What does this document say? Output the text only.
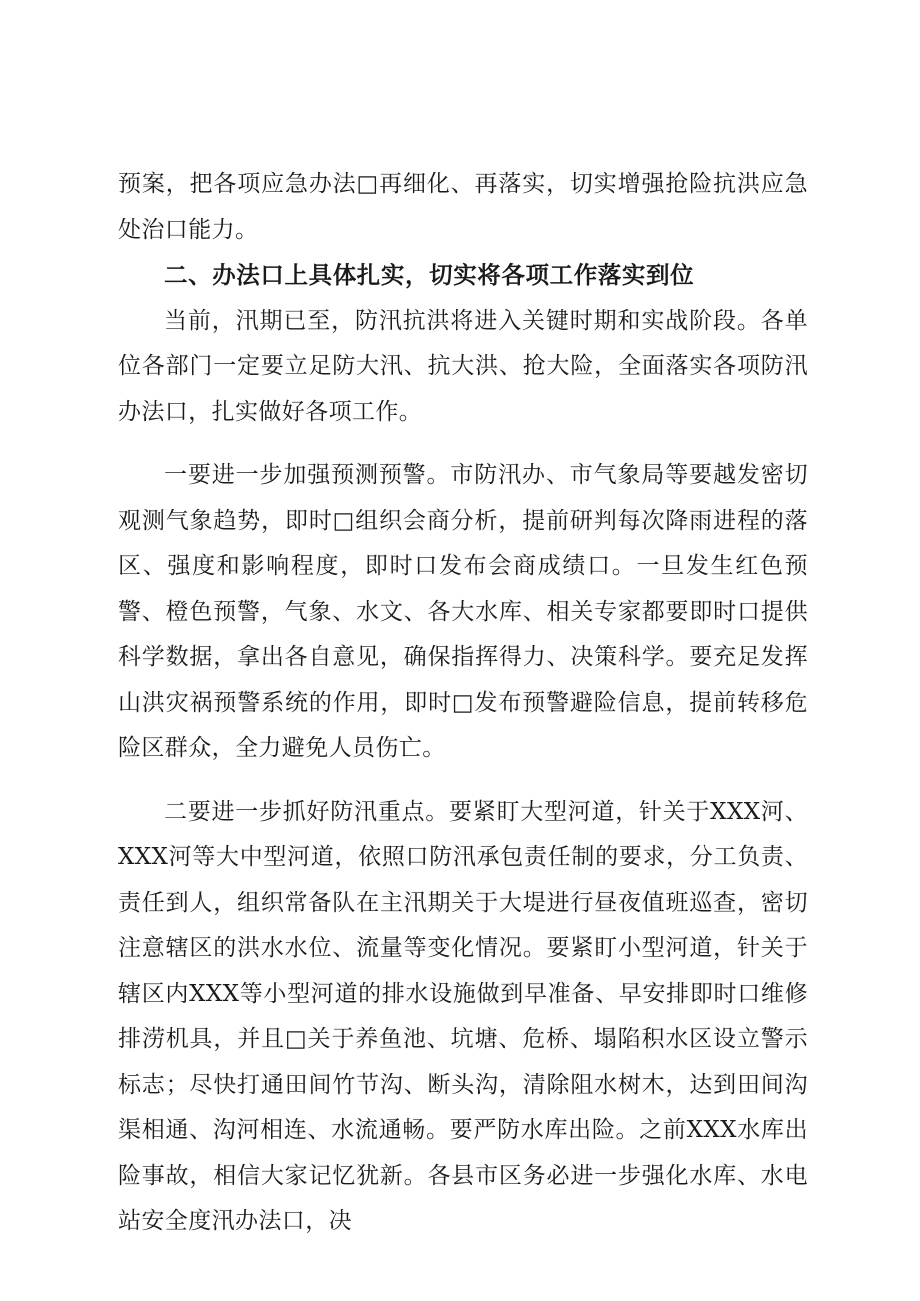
预案，把各项应急办法□再细化、再落实，切实增强抢险抗洪应急处治口能力。

二、办法口上具体扎实，切实将各项工作落实到位

当前，汛期已至，防汛抗洪将进入关键时期和实战阶段。各单位各部门一定要立足防大汛、抗大洪、抢大险，全面落实各项防汛办法口，扎实做好各项工作。

一要进一步加强预测预警。市防汛办、市气象局等要越发密切观测气象趋势，即时□组织会商分析，提前研判每次降雨进程的落区、强度和影响程度，即时口发布会商成绩口。一旦发生红色预警、橙色预警，气象、水文、各大水库、相关专家都要即时口提供科学数据，拿出各自意见，确保指挥得力、决策科学。要充足发挥山洪灾祸预警系统的作用，即时□发布预警避险信息，提前转移危险区群众，全力避免人员伤亡。

二要进一步抓好防汛重点。要紧盯大型河道，针关于XXX河、XXX河等大中型河道，依照口防汛承包责任制的要求，分工负责、责任到人，组织常备队在主汛期关于大堤进行昼夜值班巡查，密切注意辖区的洪水水位、流量等变化情况。要紧盯小型河道，针关于辖区内XXX等小型河道的排水设施做到早准备、早安排即时口维修排涝机具，并且□关于养鱼池、坑塘、危桥、塌陷积水区设立警示标志；尽快打通田间竹节沟、断头沟，清除阻水树木，达到田间沟渠相通、沟河相连、水流通畅。要严防水库出险。之前XXX水库出险事故，相信大家记忆犹新。各县市区务必进一步强化水库、水电站安全度汛办法口，决
